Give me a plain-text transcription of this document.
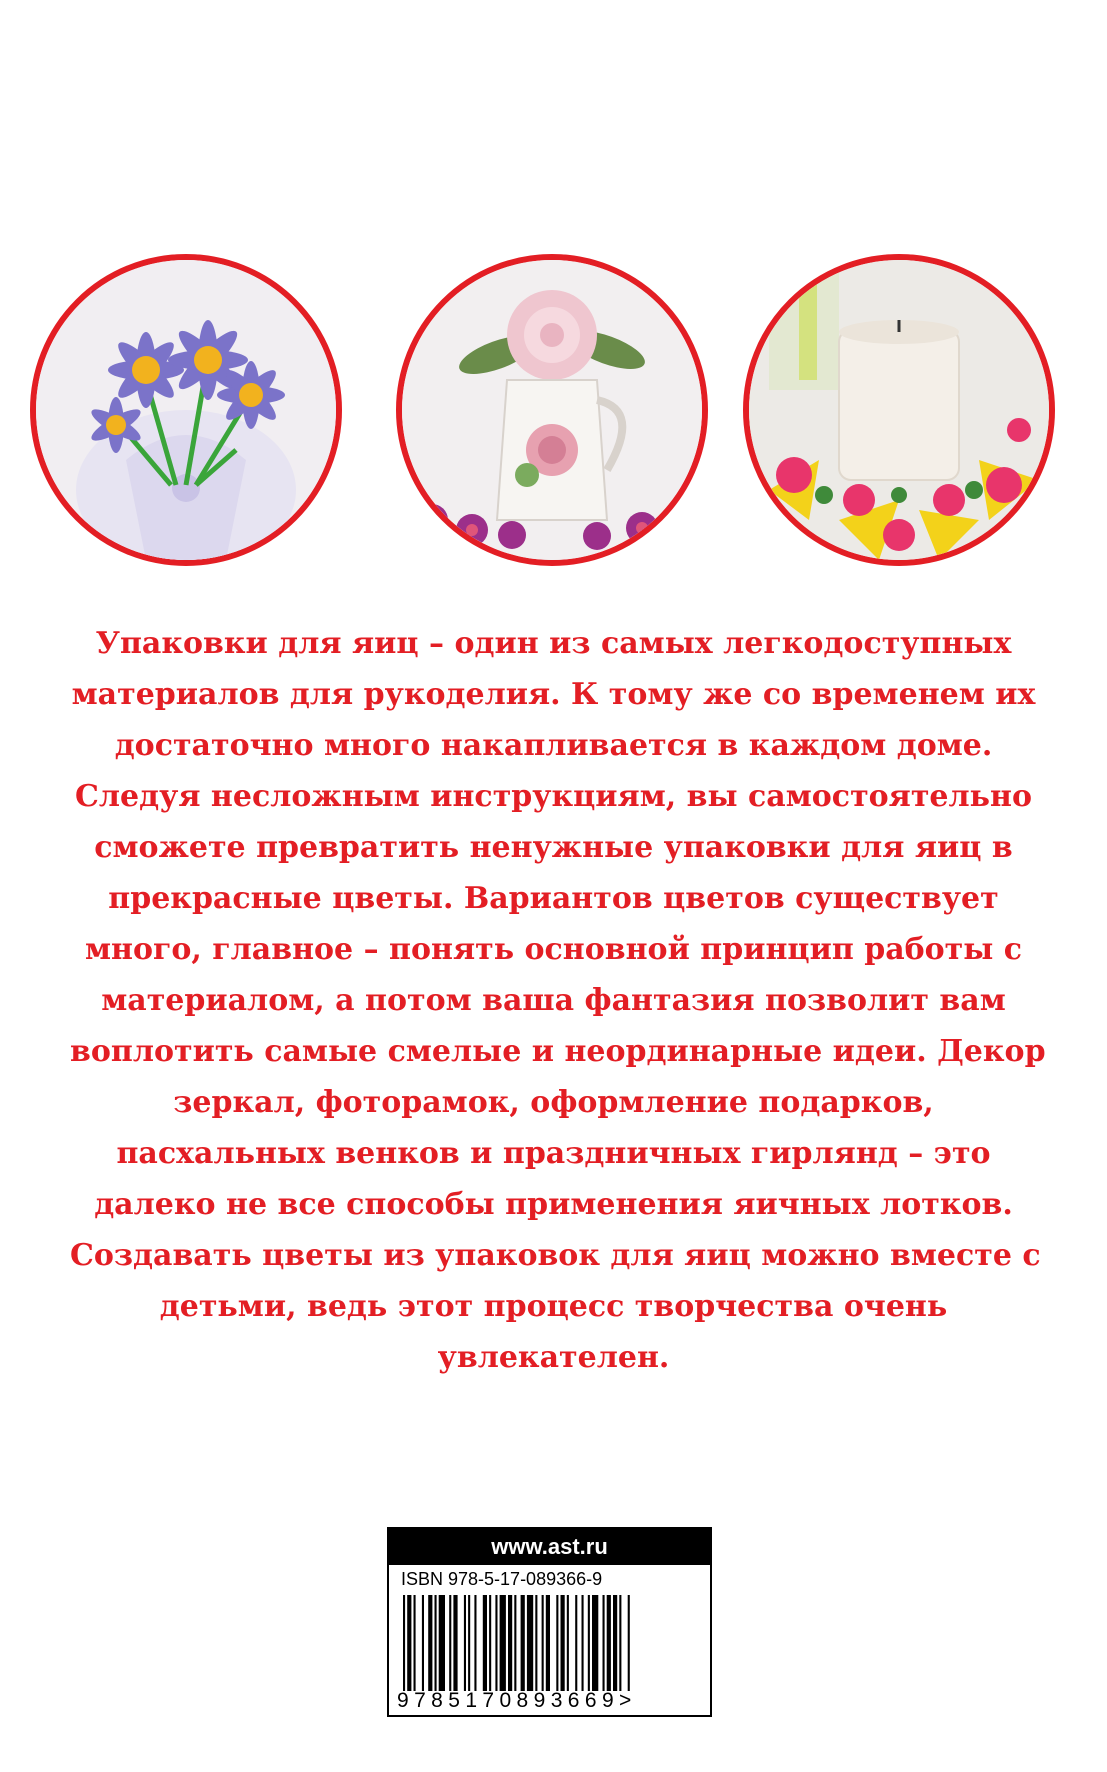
Упаковки для яиц – один из самых легкодоступных
материалов для рукоделия. К тому же со временем их
достаточно много накапливается в каждом доме.
Следуя несложным инструкциям, вы самостоятельно
сможете превратить ненужные упаковки для яиц в
прекрасные цветы. Вариантов цветов существует
много, главное – понять основной принцип работы с
материалом, а потом ваша фантазия позволит вам
воплотить самые смелые и неординарные идеи. Декор
зеркал, фоторамок, оформление подарков,
пасхальных венков и праздничных гирлянд – это
далеко не все способы применения яичных лотков.
Создавать цветы из упаковок для яиц можно вместе с
детьми, ведь этот процесс творчества очень
увлекателен.

www.ast.ru
ISBN 978-5-17-089366-9
9785170893669>
